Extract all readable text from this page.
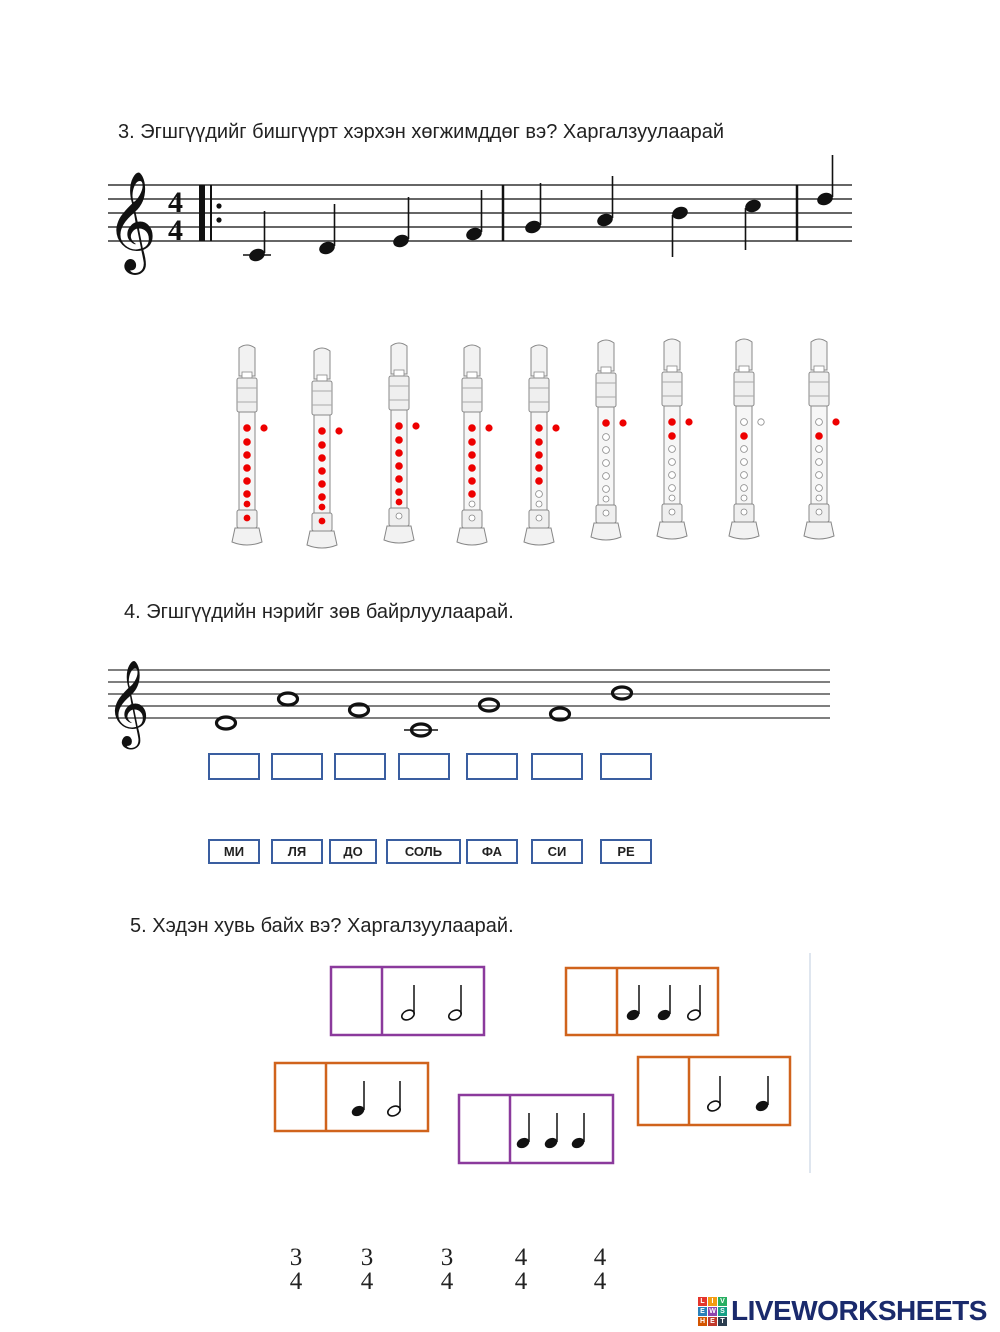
3. Эгшгүүдийг бишгүүрт хэрхэн хөгжимддөг вэ? Харгалзуулаарай
𝄞 4
4
4. Эгшгүүдийн нэрийг зөв байрлуулаарай.
𝄞
МИ	ЛЯ	ДО	СОЛЬ	ФА	СИ	РЕ
5. Хэдэн хувь байх вэ? Харгалзуулаарай.
3
4
3
4
3
4
4
4
4
4
L I V
E W S
H E T LIVEWORKSHEETS
